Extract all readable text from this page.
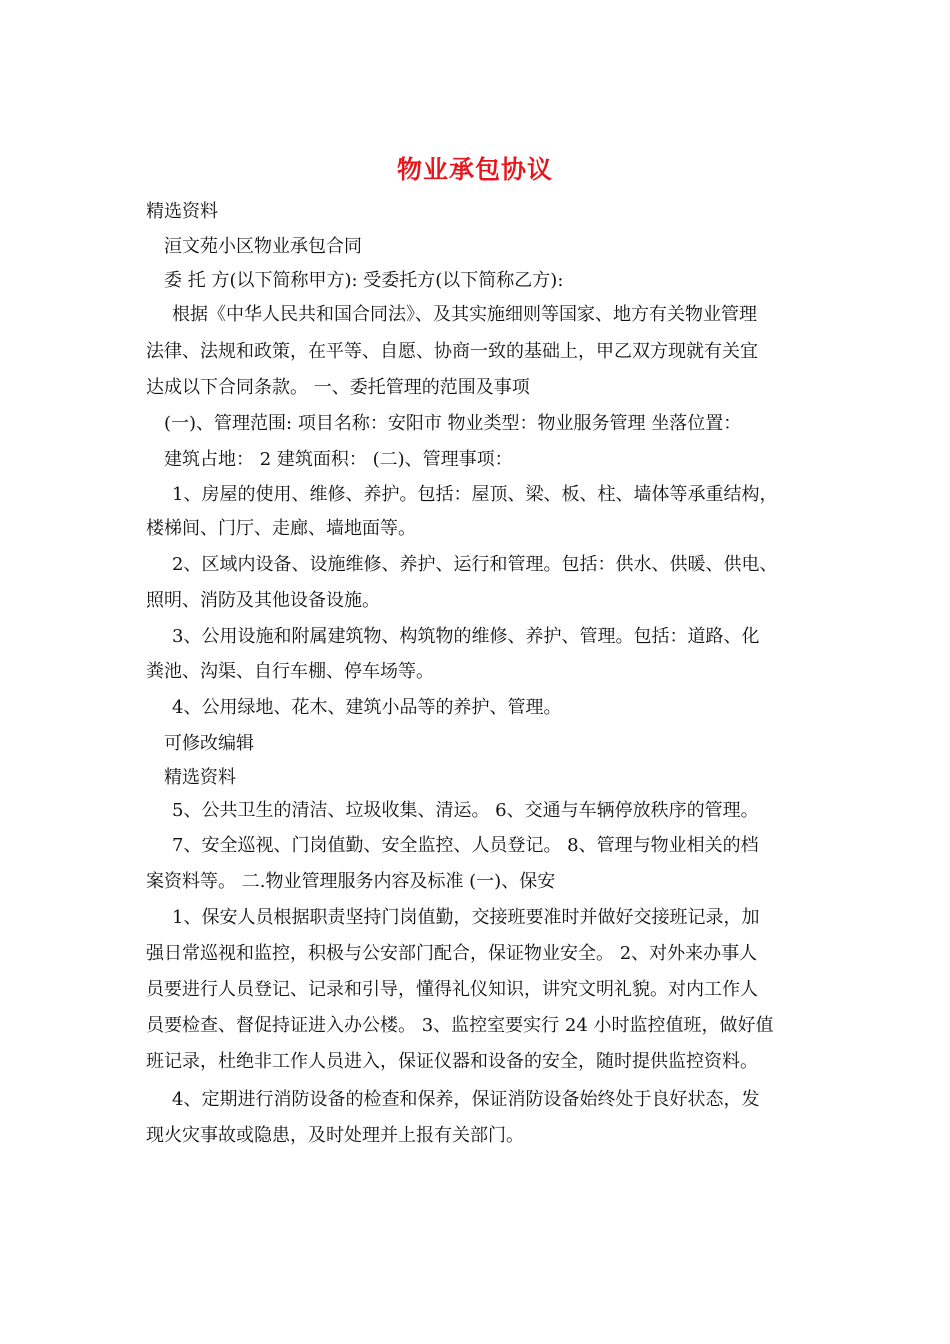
物业承包协议
精选资料
洹文苑小区物业承包合同
委 托 方(以下简称甲方): 受委托方(以下简称乙方):
根据《中华人民共和国合同法》、及其实施细则等国家、地方有关物业管理
法律、法规和政策，在平等、自愿、协商一致的基础上，甲乙双方现就有关宜
达成以下合同条款。 一、委托管理的范围及事项
(一)、管理范围: 项目名称：安阳市 物业类型：物业服务管理 坐落位置：
建筑占地： 2 建筑面积： (二)、管理事项：
1、房屋的使用、维修、养护。包括：屋顶、梁、板、柱、墙体等承重结构，
楼梯间、门厅、走廊、墙地面等。
2、区域内设备、设施维修、养护、运行和管理。包括：供水、供暖、供电、
照明、消防及其他设备设施。
3、公用设施和附属建筑物、构筑物的维修、养护、管理。包括：道路、化
粪池、沟渠、自行车棚、停车场等。
4、公用绿地、花木、建筑小品等的养护、管理。
可修改编辑
精选资料
5、公共卫生的清洁、垃圾收集、清运。 6、交通与车辆停放秩序的管理。
7、安全巡视、门岗值勤、安全监控、人员登记。 8、管理与物业相关的档
案资料等。 二.物业管理服务内容及标准 (一)、保安
1、保安人员根据职责坚持门岗值勤，交接班要准时并做好交接班记录，加
强日常巡视和监控，积极与公安部门配合，保证物业安全。 2、对外来办事人
员要进行人员登记、记录和引导，懂得礼仪知识，讲究文明礼貌。对内工作人
员要检查、督促持证进入办公楼。 3、监控室要实行 24 小时监控值班，做好值
班记录，杜绝非工作人员进入，保证仪器和设备的安全，随时提供监控资料。
4、定期进行消防设备的检查和保养，保证消防设备始终处于良好状态，发
现火灾事故或隐患，及时处理并上报有关部门。
